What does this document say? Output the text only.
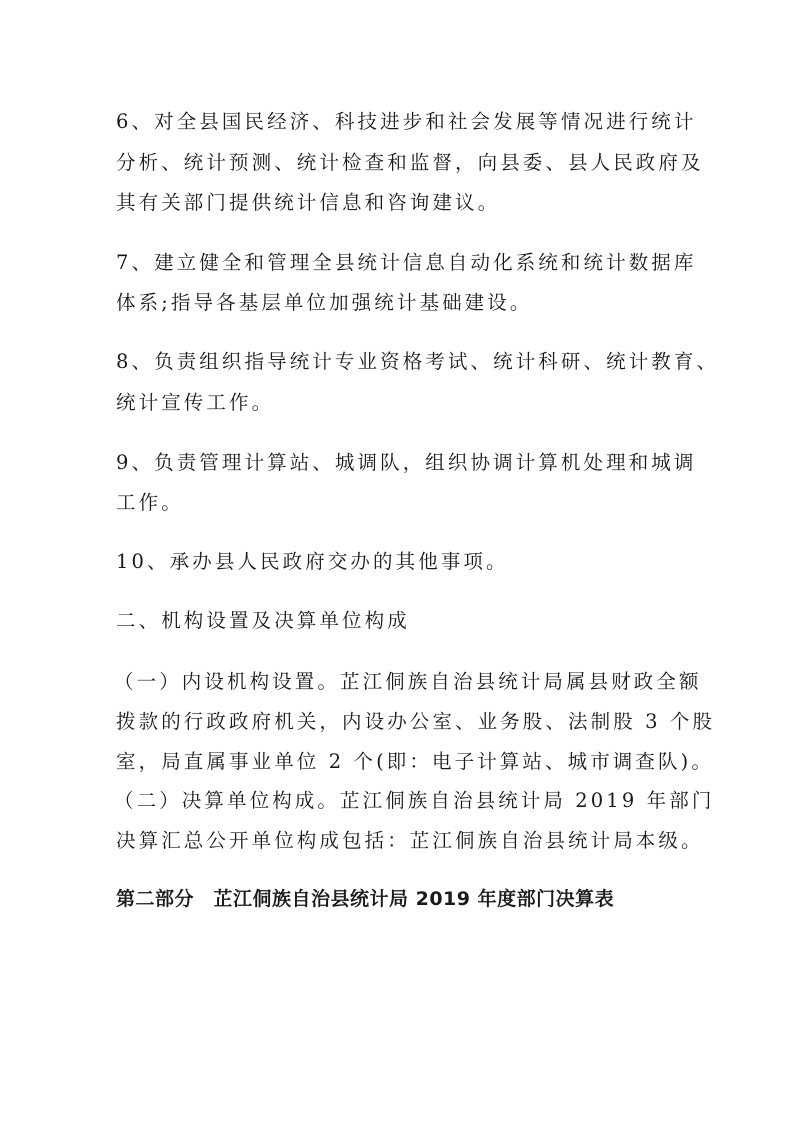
6、对全县国民经济、科技进步和社会发展等情况进行统计
分析、统计预测、统计检查和监督，向县委、县人民政府及
其有关部门提供统计信息和咨询建议。
7、建立健全和管理全县统计信息自动化系统和统计数据库
体系;指导各基层单位加强统计基础建设。
8、负责组织指导统计专业资格考试、统计科研、统计教育、
统计宣传工作。
9、负责管理计算站、城调队，组织协调计算机处理和城调
工作。
10、承办县人民政府交办的其他事项。
二、机构设置及决算单位构成
（一）内设机构设置。芷江侗族自治县统计局属县财政全额
拨款的行政政府机关，内设办公室、业务股、法制股 3 个股
室，局直属事业单位 2 个(即：电子计算站、城市调查队)。
（二）决算单位构成。芷江侗族自治县统计局 2019 年部门
决算汇总公开单位构成包括：芷江侗族自治县统计局本级。
第二部分　芷江侗族自治县统计局 2019 年度部门决算表
